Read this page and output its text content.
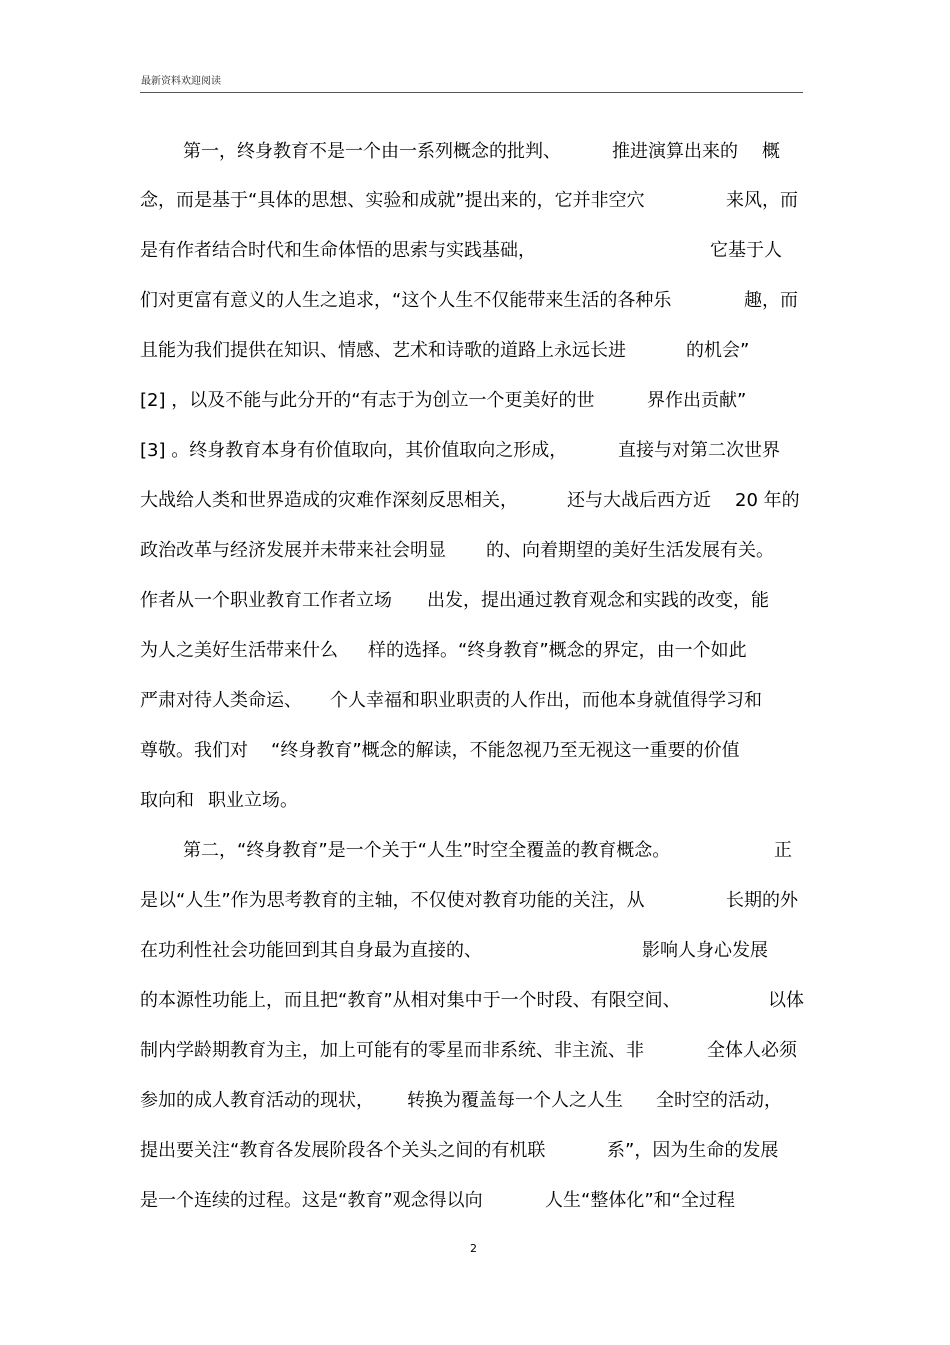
最新资料欢迎阅读
第一，终身教育不是一个由一系列概念的批判、	推进演算出来的 概
念，而是基于“具体的思想、实验和成就”提出来的，它并非空穴	来风，而
是有作者结合时代和生命体悟的思索与实践基础，	它基于人
们对更富有意义的人生之追求，“这个人生不仅能带来生活的各种乐	趣，而
且能为我们提供在知识、情感、艺术和诗歌的道路上永远长进	的机会”
[2] ，以及不能与此分开的“有志于为创立一个更美好的世	界作出贡献”
[3] 。终身教育本身有价值取向，其价值取向之形成，	直接与对第二次世界
大战给人类和世界造成的灾难作深刻反思相关，	还与大战后西方近 20 年的
政治改革与经济发展并未带来社会明显 的、向着期望的美好生活发展有关。
作者从一个职业教育工作者立场 出发，提出通过教育观念和实践的改变，能
为人之美好生活带来什么 样的选择。“终身教育”概念的界定，由一个如此
严肃对待人类命运、 个人幸福和职业职责的人作出，而他本身就值得学习和
尊敬。我们对 “终身教育”概念的解读，不能忽视乃至无视这一重要的价值
取向和 职业立场。
第二，“终身教育”是一个关于“人生”时空全覆盖的教育概念。	正
是以“人生”作为思考教育的主轴，不仅使对教育功能的关注，从	长期的外
在功利性社会功能回到其自身最为直接的、	影响人身心发展
的本源性功能上，而且把“教育”从相对集中于一个时段、有限空间、	以体
制内学龄期教育为主，加上可能有的零星而非系统、非主流、非	全体人必须
参加的成人教育活动的现状， 转换为覆盖每一个人之人生 全时空的活动，
提出要关注“教育各发展阶段各个关头之间的有机联	系”，因为生命的发展
是一个连续的过程。这是“教育”观念得以向	人生“整体化”和“全过程
2
